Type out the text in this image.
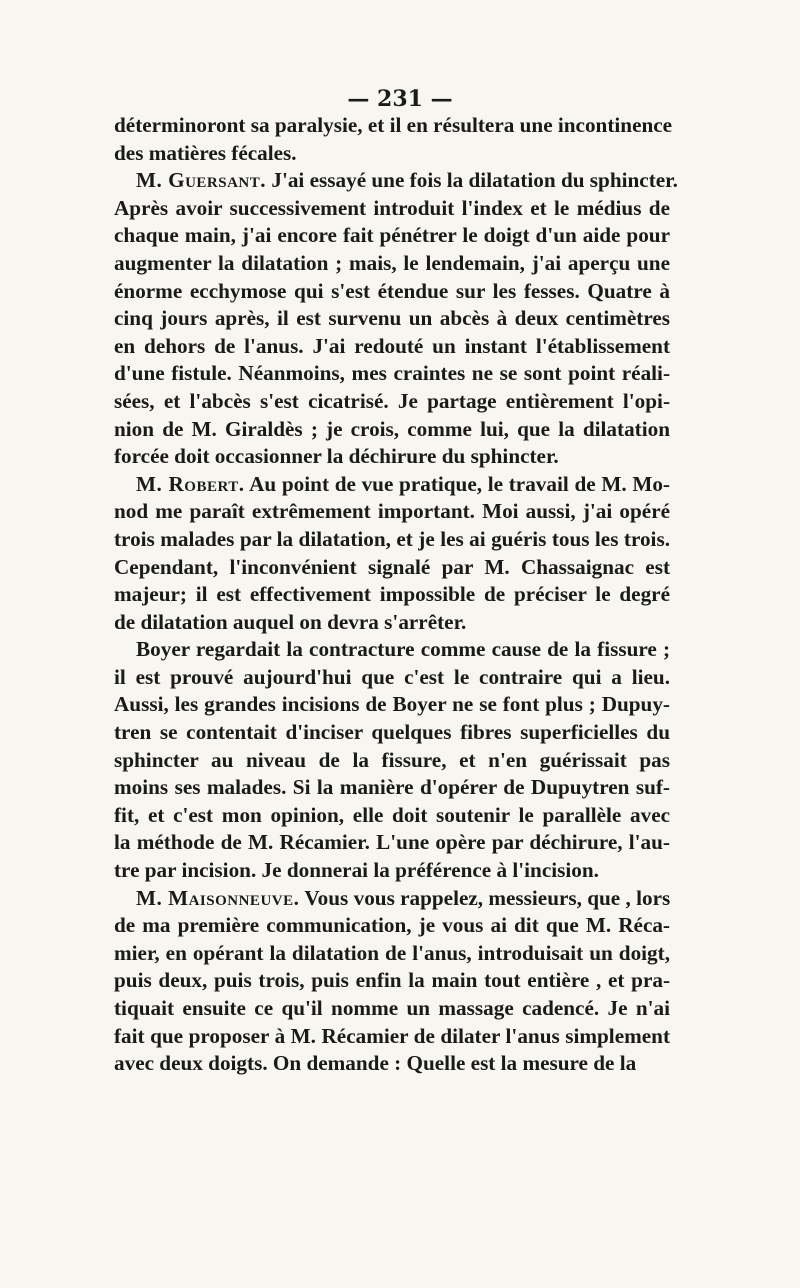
— 231 —
déterminoront sa paralysie, et il en résultera une incontinence
des matières fécales.
M. Guersant. J'ai essayé une fois la dilatation du sphincter.
Après avoir successivement introduit l'index et le médius de
chaque main, j'ai encore fait pénétrer le doigt d'un aide pour
augmenter la dilatation ; mais, le lendemain, j'ai aperçu une
énorme ecchymose qui s'est étendue sur les fesses. Quatre à
cinq jours après, il est survenu un abcès à deux centimètres
en dehors de l'anus. J'ai redouté un instant l'établissement
d'une fistule. Néanmoins, mes craintes ne se sont point réali-
sées, et l'abcès s'est cicatrisé. Je partage entièrement l'opi-
nion de M. Giraldès ; je crois, comme lui, que la dilatation
forcée doit occasionner la déchirure du sphincter.
M. Robert. Au point de vue pratique, le travail de M. Mo-
nod me paraît extrêmement important. Moi aussi, j'ai opéré
trois malades par la dilatation, et je les ai guéris tous les trois.
Cependant, l'inconvénient signalé par M. Chassaignac est
majeur; il est effectivement impossible de préciser le degré
de dilatation auquel on devra s'arrêter.
Boyer regardait la contracture comme cause de la fissure ;
il est prouvé aujourd'hui que c'est le contraire qui a lieu.
Aussi, les grandes incisions de Boyer ne se font plus ; Dupuy-
tren se contentait d'inciser quelques fibres superficielles du
sphincter au niveau de la fissure, et n'en guérissait pas
moins ses malades. Si la manière d'opérer de Dupuytren suf-
fit, et c'est mon opinion, elle doit soutenir le parallèle avec
la méthode de M. Récamier. L'une opère par déchirure, l'au-
tre par incision. Je donnerai la préférence à l'incision.
M. Maisonneuve. Vous vous rappelez, messieurs, que , lors
de ma première communication, je vous ai dit que M. Réca-
mier, en opérant la dilatation de l'anus, introduisait un doigt,
puis deux, puis trois, puis enfin la main tout entière , et pra-
tiquait ensuite ce qu'il nomme un massage cadencé. Je n'ai
fait que proposer à M. Récamier de dilater l'anus simplement
avec deux doigts. On demande : Quelle est la mesure de la
